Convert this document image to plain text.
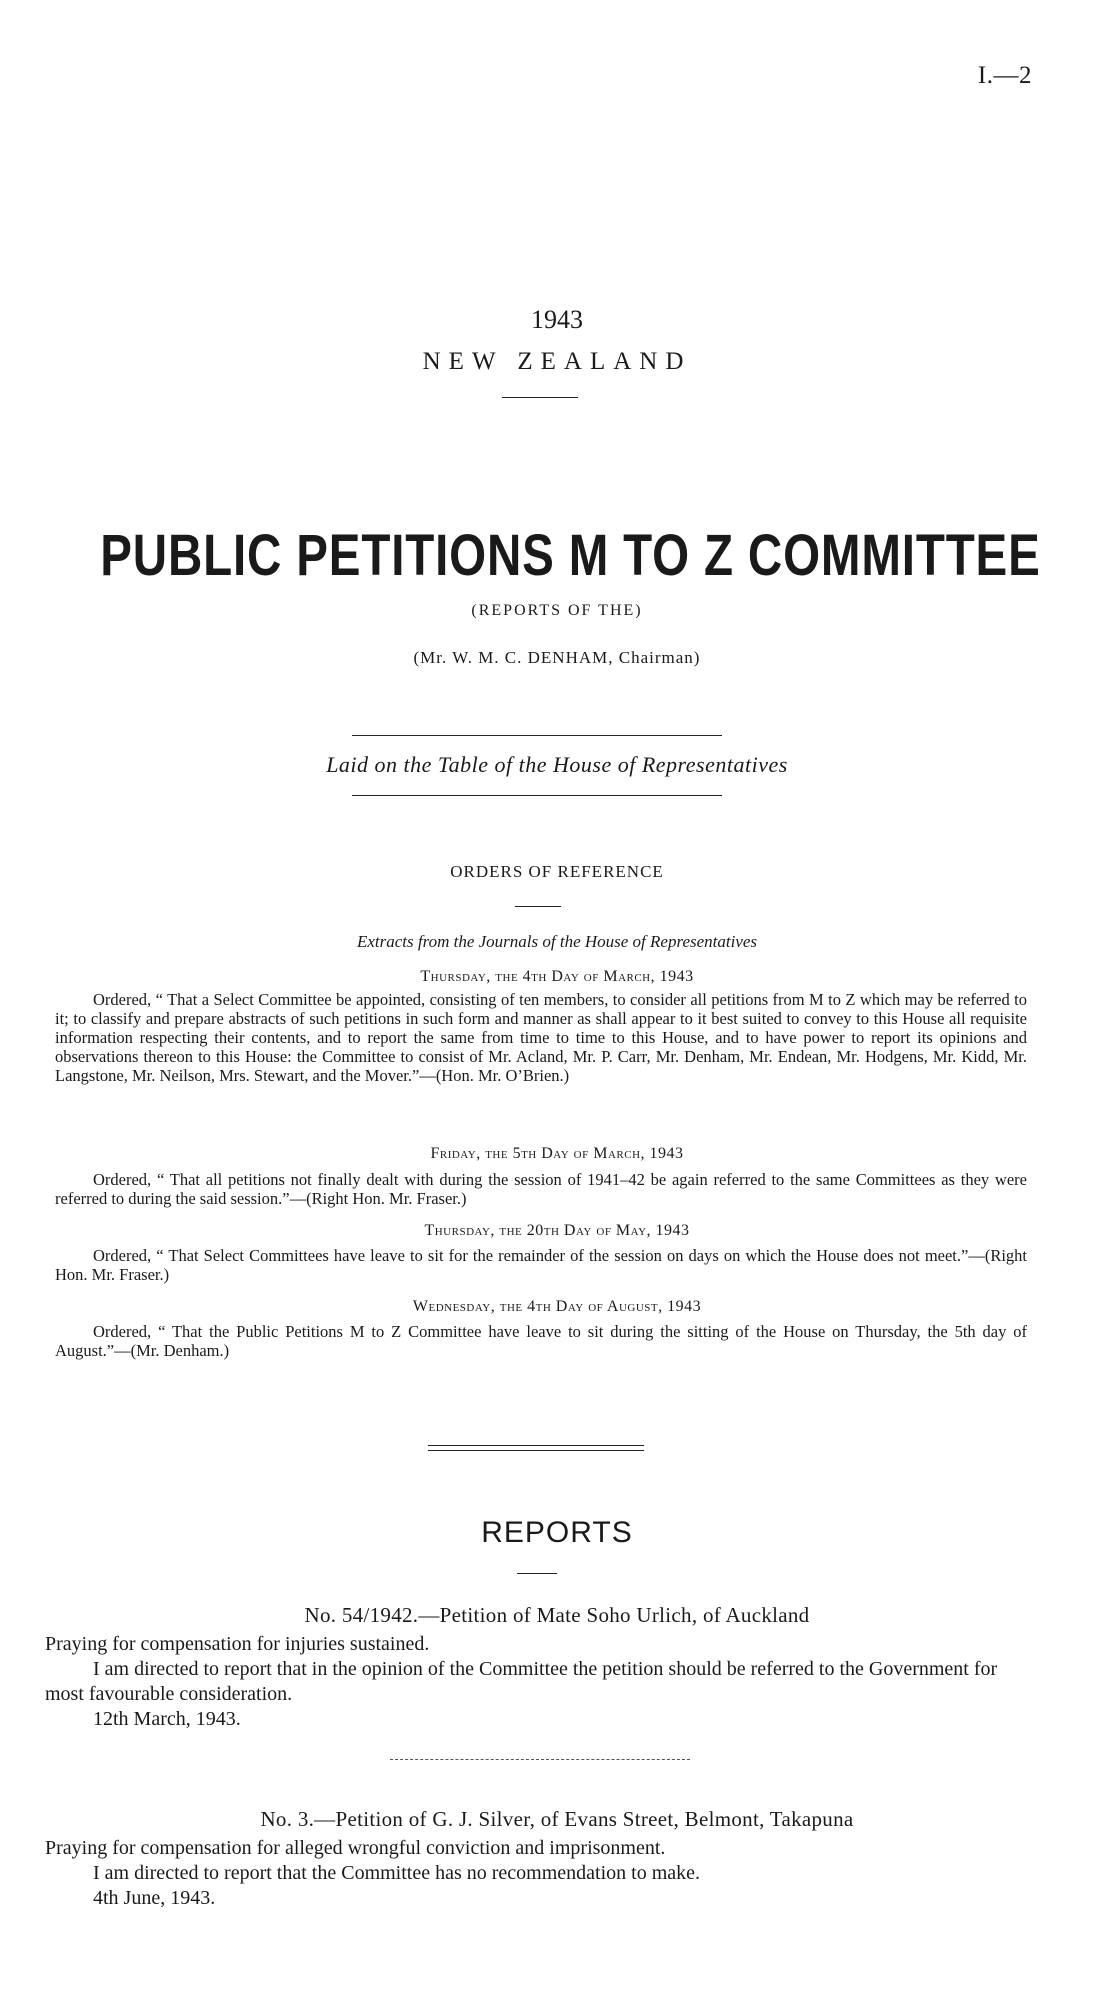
I.—2
1943
NEW ZEALAND
PUBLIC PETITIONS M TO Z COMMITTEE
(REPORTS OF THE)
(Mr. W. M. C. DENHAM, Chairman)
Laid on the Table of the House of Representatives
ORDERS OF REFERENCE
Extracts from the Journals of the House of Representatives
Thursday, the 4th Day of March, 1943
Ordered, “ That a Select Committee be appointed, consisting of ten members, to consider all petitions from M to Z which may be referred to it; to classify and prepare abstracts of such petitions in such form and manner as shall appear to it best suited to convey to this House all requisite information respecting their contents, and to report the same from time to time to this House, and to have power to report its opinions and observations thereon to this House: the Committee to consist of Mr. Acland, Mr. P. Carr, Mr. Denham, Mr. Endean, Mr. Hodgens, Mr. Kidd, Mr. Langstone, Mr. Neilson, Mrs. Stewart, and the Mover.”—(Hon. Mr. O’Brien.)
Friday, the 5th Day of March, 1943
Ordered, “ That all petitions not finally dealt with during the session of 1941–42 be again referred to the same Committees as they were referred to during the said session.”—(Right Hon. Mr. Fraser.)
Thursday, the 20th Day of May, 1943
Ordered, “ That Select Committees have leave to sit for the remainder of the session on days on which the House does not meet.”—(Right Hon. Mr. Fraser.)
Wednesday, the 4th Day of August, 1943
Ordered, “ That the Public Petitions M to Z Committee have leave to sit during the sitting of the House on Thursday, the 5th day of August.”—(Mr. Denham.)
REPORTS
No. 54/1942.—Petition of Mate Soho Urlich, of Auckland

Praying for compensation for injuries sustained.

I am directed to report that in the opinion of the Committee the petition should be referred to the Government for most favourable consideration.

12th March, 1943.

No. 3.—Petition of G. J. Silver, of Evans Street, Belmont, Takapuna

Praying for compensation for alleged wrongful conviction and imprisonment.

I am directed to report that the Committee has no recommendation to make.

4th June, 1943.
